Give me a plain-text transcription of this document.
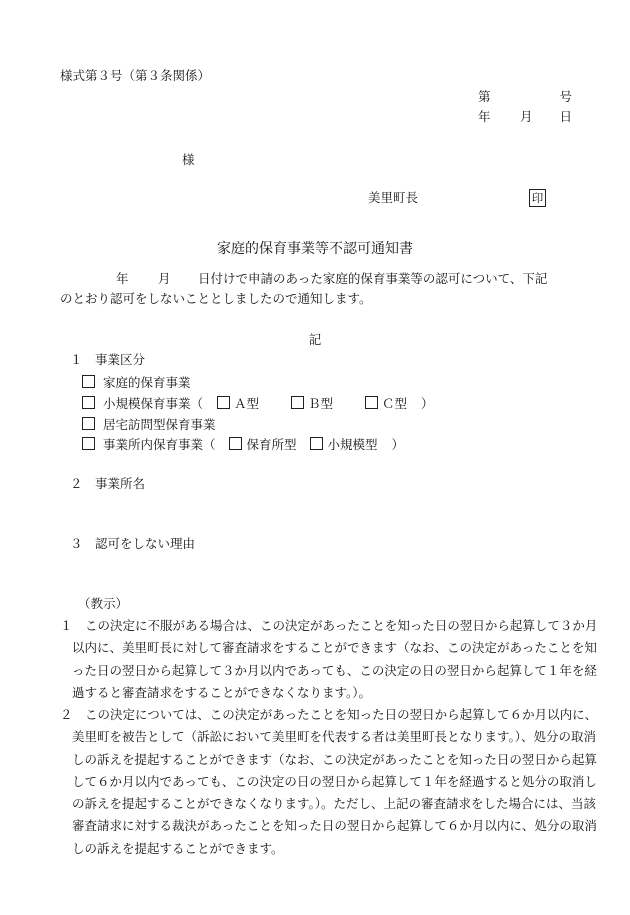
様式第３号（第３条関係）
第	号
年 月 日
様
美里町長	印
家庭的保育事業等不認可通知書
年 月 日付けで申請のあった家庭的保育事業等の認可について、下記
のとおり認可をしないこととしましたので通知します。
記
１　事業区分
家庭的保育事業
小規模保育事業（ Ａ型	Ｂ型	Ｃ型 ）
居宅訪問型保育事業
事業所内保育事業（ 保育所型 小規模型 ）
２　事業所名
３　認可をしない理由
（教示）
１　この決定に不服がある場合は、この決定があったことを知った日の翌日から起算して３か月
以内に、美里町長に対して審査請求をすることができます（なお、この決定があったことを知
った日の翌日から起算して３か月以内であっても、この決定の日の翌日から起算して１年を経
過すると審査請求をすることができなくなります。）。
２　この決定については、この決定があったことを知った日の翌日から起算して６か月以内に、
美里町を被告として（訴訟において美里町を代表する者は美里町長となります。）、処分の取消
しの訴えを提起することができます（なお、この決定があったことを知った日の翌日から起算
して６か月以内であっても、この決定の日の翌日から起算して１年を経過すると処分の取消し
の訴えを提起することができなくなります。）。ただし、上記の審査請求をした場合には、当該
審査請求に対する裁決があったことを知った日の翌日から起算して６か月以内に、処分の取消
しの訴えを提起することができます。
